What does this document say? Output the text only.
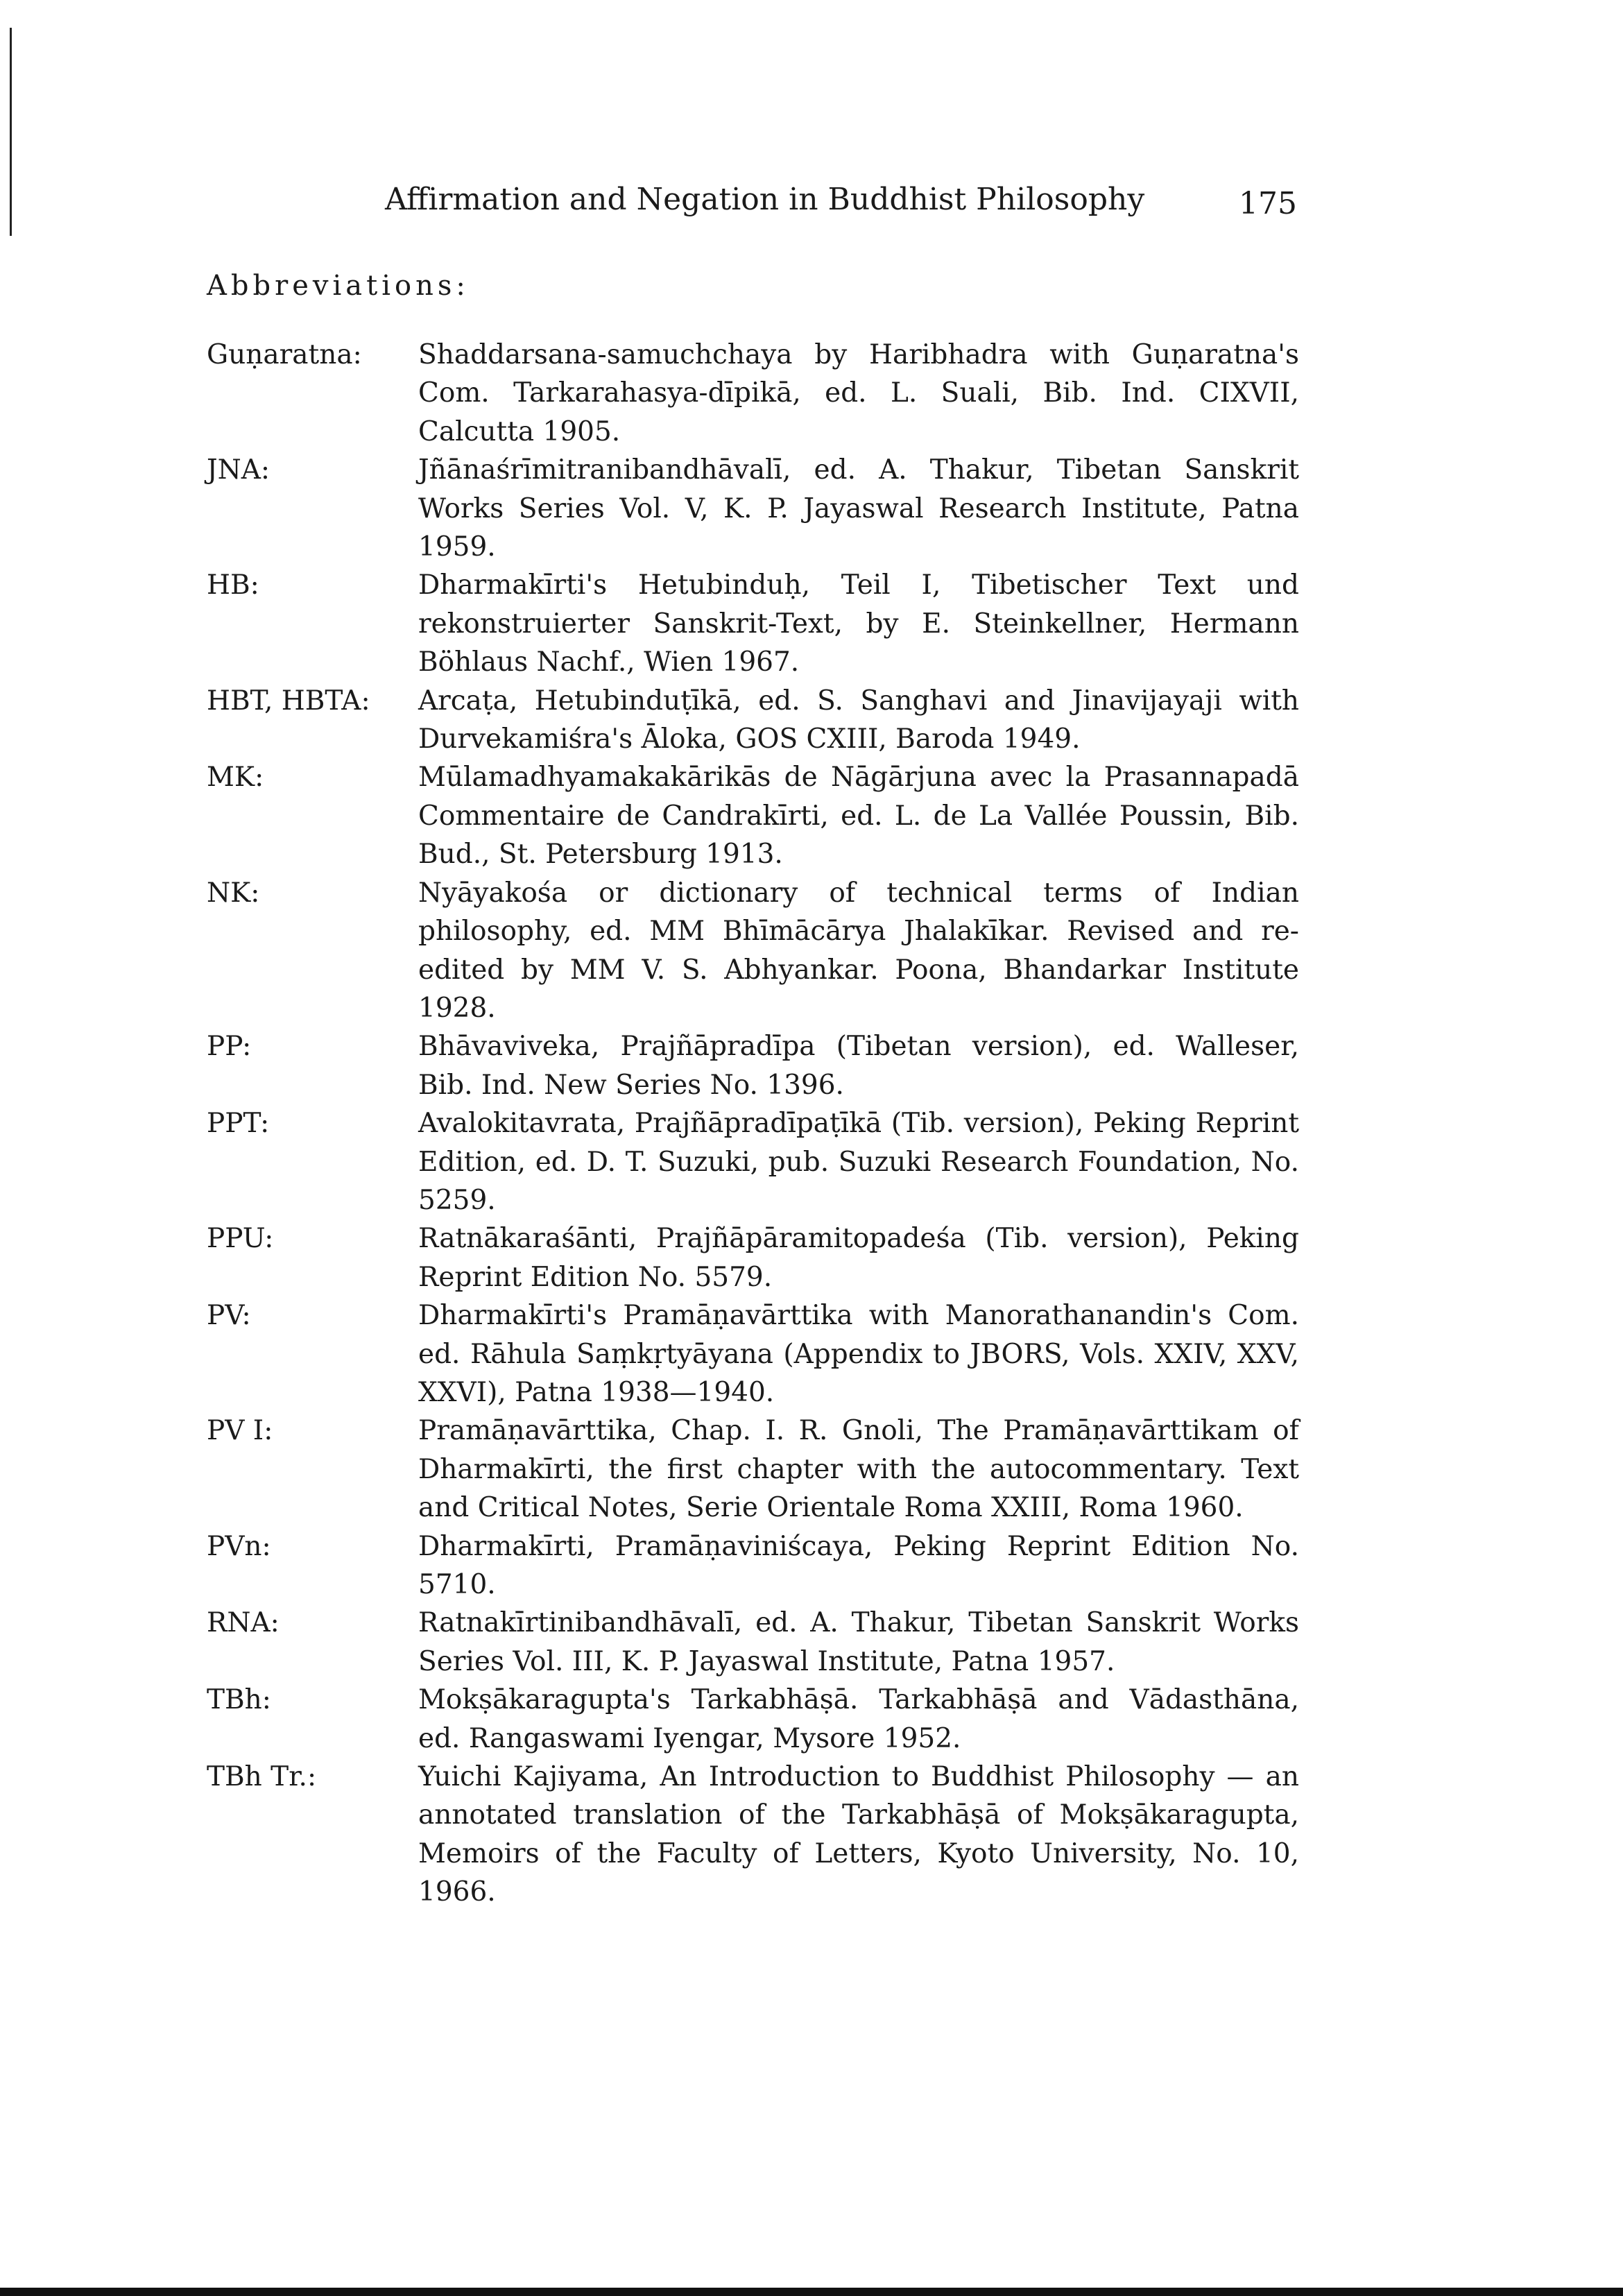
Affirmation and Negation in Buddhist Philosophy	175
Abbreviations:
Guṇaratna:	Shaddarsana-samuchchaya by Haribhadra with Guṇaratna's Com. Tarkarahasya-dīpikā, ed. L. Suali, Bib. Ind. CIXVII, Calcutta 1905.
JNA:	Jñānaśrīmitranibandhāvalī, ed. A. Thakur, Tibetan Sanskrit Works Series Vol. V, K. P. Jayaswal Research Institute, Patna 1959.
HB:	Dharmakīrti's Hetubinduḥ, Teil I, Tibetischer Text und rekonstruierter Sanskrit-Text, by E. Steinkellner, Hermann Böhlaus Nachf., Wien 1967.
HBT, HBTA:	Arcaṭa, Hetubinduṭīkā, ed. S. Sanghavi and Jinavijayaji with Durvekamiśra's Āloka, GOS CXIII, Baroda 1949.
MK:	Mūlamadhyamakakārikās de Nāgārjuna avec la Prasannapadā Commentaire de Candrakīrti, ed. L. de La Vallée Poussin, Bib. Bud., St. Petersburg 1913.
NK:	Nyāyakośa or dictionary of technical terms of Indian philosophy, ed. MM Bhīmācārya Jhalakīkar. Revised and re-edited by MM V. S. Abhyankar. Poona, Bhandarkar Institute 1928.
PP:	Bhāvaviveka, Prajñāpradīpa (Tibetan version), ed. Walleser, Bib. Ind. New Series No. 1396.
PPT:	Avalokitavrata, Prajñāpradīpaṭīkā (Tib. version), Peking Reprint Edition, ed. D. T. Suzuki, pub. Suzuki Research Foundation, No. 5259.
PPU:	Ratnākaraśānti, Prajñāpāramitopadeśa (Tib. version), Peking Reprint Edition No. 5579.
PV:	Dharmakīrti's Pramāṇavārttika with Manorathanandin's Com. ed. Rāhula Saṃkṛtyāyana (Appendix to JBORS, Vols. XXIV, XXV, XXVI), Patna 1938—1940.
PV I:	Pramāṇavārttika, Chap. I. R. Gnoli, The Pramāṇavārttikam of Dharmakīrti, the first chapter with the autocommentary. Text and Critical Notes, Serie Orientale Roma XXIII, Roma 1960.
PVn:	Dharmakīrti, Pramāṇaviniścaya, Peking Reprint Edition No. 5710.
RNA:	Ratnakīrtinibandhāvalī, ed. A. Thakur, Tibetan Sanskrit Works Series Vol. III, K. P. Jayaswal Institute, Patna 1957.
TBh:	Mokṣākaragupta's Tarkabhāṣā. Tarkabhāṣā and Vādasthāna, ed. Rangaswami Iyengar, Mysore 1952.
TBh Tr.:	Yuichi Kajiyama, An Introduction to Buddhist Philosophy — an annotated translation of the Tarkabhāṣā of Mokṣākaragupta, Memoirs of the Faculty of Letters, Kyoto University, No. 10, 1966.
